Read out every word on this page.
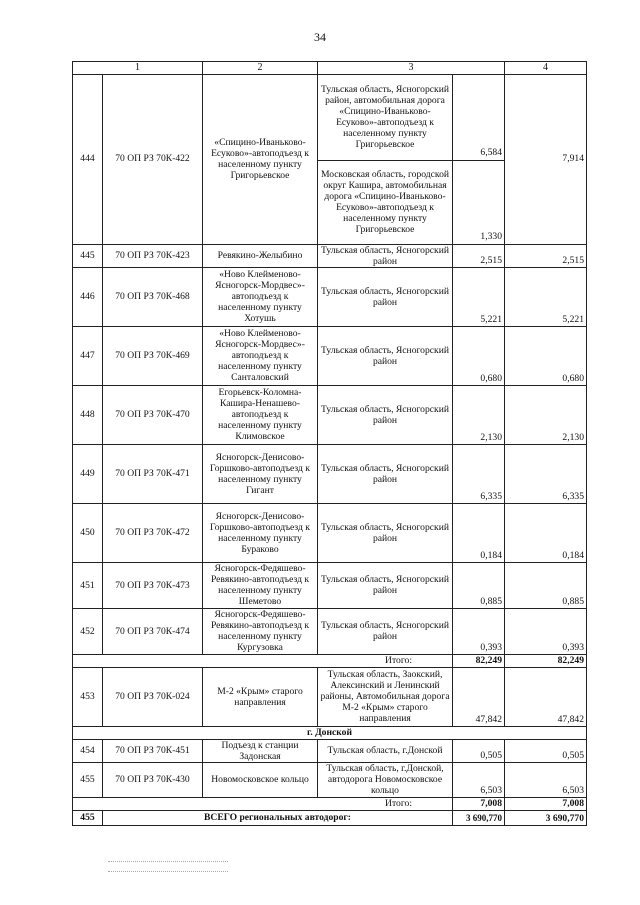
34
1		2	3		4
444	70 ОП РЗ 70К-422	«Спицино-Иваньково-Есуково»-автоподъезд к населенному пункту Григорьевское	Тульская область, Ясногорский район, автомобильная дорога «Спицино-Иваньково-Есуково»-автоподъезд к населенному пункту Григорьевское	6,584	7,914
			Московская область, городской округ Кашира, автомобильная дорога «Спицино-Иваньково-Есуково»-автоподъезд к населенному пункту Григорьевское	1,330	
445	70 ОП РЗ 70К-423	Ревякино-Желыбино	Тульская область, Ясногорский район	2,515	2,515
446	70 ОП РЗ 70К-468	«Ново Клейменово-Ясногорск-Мордвес»-автоподъезд к населенному пункту Хотушь	Тульская область, Ясногорский район	5,221	5,221
447	70 ОП РЗ 70К-469	«Ново Клейменово-Ясногорск-Мордвес»-автоподъезд к населенному пункту Санталовский	Тульская область, Ясногорский район	0,680	0,680
448	70 ОП РЗ 70К-470	Егорьевск-Коломна-Кашира-Ненашево-автоподъезд к населенному пункту Климовское	Тульская область, Ясногорский район	2,130	2,130
449	70 ОП РЗ 70К-471	Ясногорск-Денисово-Горшково-автоподъезд к населенному пункту Гигант	Тульская область, Ясногорский район	6,335	6,335
450	70 ОП РЗ 70К-472	Ясногорск-Денисово-Горшково-автоподъезд к населенному пункту Бураково	Тульская область, Ясногорский район	0,184	0,184
451	70 ОП РЗ 70К-473	Ясногорск-Федяшево-Ревякино-автоподъезд к населенному пункту Шеметово	Тульская область, Ясногорский район	0,885	0,885
452	70 ОП РЗ 70К-474	Ясногорск-Федяшево-Ревякино-автоподъезд к населенному пункту Кургузовка	Тульская область, Ясногорский район	0,393	0,393
Итого:				82,249	82,249
453	70 ОП РЗ 70К-024	М-2 «Крым» старого направления	Тульская область, Заокский, Алексинский и Ленинский районы, Автомобильная дорога М-2 «Крым» старого направления	47,842	47,842
г. Донской					
454	70 ОП РЗ 70К-451	Подъезд к станции Задонская	Тульская область, г.Донской	0,505	0,505
455	70 ОП РЗ 70К-430	Новомосковское кольцо	Тульская область, г.Донской, автодорога Новомосковское кольцо	6,503	6,503
Итого:				7,008	7,008
455	ВСЕГО региональных автодорог:			3 690,770	3 690,770
